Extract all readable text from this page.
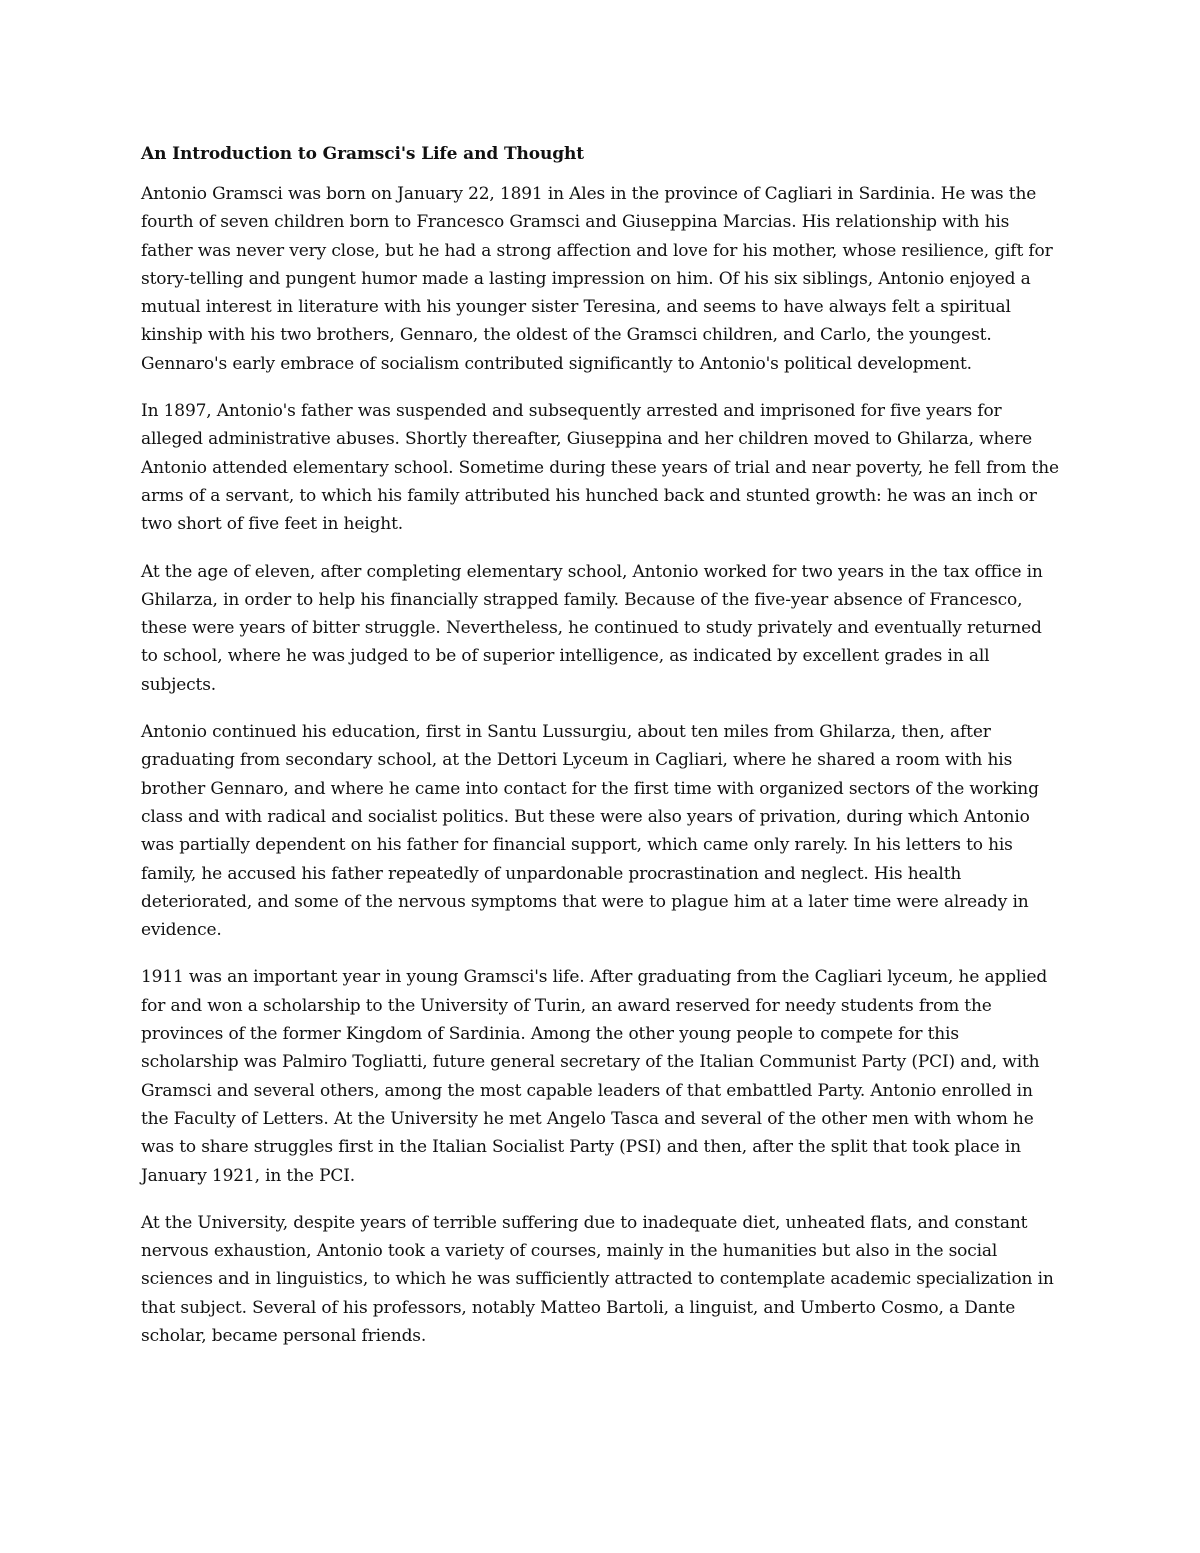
An Introduction to Gramsci's Life and Thought

Antonio Gramsci was born on January 22, 1891 in Ales in the province of Cagliari in Sardinia. He was the fourth of seven children born to Francesco Gramsci and Giuseppina Marcias. His relationship with his father was never very close, but he had a strong affection and love for his mother, whose resilience, gift for story-telling and pungent humor made a lasting impression on him. Of his six siblings, Antonio enjoyed a mutual interest in literature with his younger sister Teresina, and seems to have always felt a spiritual kinship with his two brothers, Gennaro, the oldest of the Gramsci children, and Carlo, the youngest. Gennaro's early embrace of socialism contributed significantly to Antonio's political development.

In 1897, Antonio's father was suspended and subsequently arrested and imprisoned for five years for alleged administrative abuses. Shortly thereafter, Giuseppina and her children moved to Ghilarza, where Antonio attended elementary school. Sometime during these years of trial and near poverty, he fell from the arms of a servant, to which his family attributed his hunched back and stunted growth: he was an inch or two short of five feet in height.

At the age of eleven, after completing elementary school, Antonio worked for two years in the tax office in Ghilarza, in order to help his financially strapped family. Because of the five-year absence of Francesco, these were years of bitter struggle. Nevertheless, he continued to study privately and eventually returned to school, where he was judged to be of superior intelligence, as indicated by excellent grades in all subjects.

Antonio continued his education, first in Santu Lussurgiu, about ten miles from Ghilarza, then, after graduating from secondary school, at the Dettori Lyceum in Cagliari, where he shared a room with his brother Gennaro, and where he came into contact for the first time with organized sectors of the working class and with radical and socialist politics. But these were also years of privation, during which Antonio was partially dependent on his father for financial support, which came only rarely. In his letters to his family, he accused his father repeatedly of unpardonable procrastination and neglect. His health deteriorated, and some of the nervous symptoms that were to plague him at a later time were already in evidence.

1911 was an important year in young Gramsci's life. After graduating from the Cagliari lyceum, he applied for and won a scholarship to the University of Turin, an award reserved for needy students from the provinces of the former Kingdom of Sardinia. Among the other young people to compete for this scholarship was Palmiro Togliatti, future general secretary of the Italian Communist Party (PCI) and, with Gramsci and several others, among the most capable leaders of that embattled Party. Antonio enrolled in the Faculty of Letters. At the University he met Angelo Tasca and several of the other men with whom he was to share struggles first in the Italian Socialist Party (PSI) and then, after the split that took place in January 1921, in the PCI.

At the University, despite years of terrible suffering due to inadequate diet, unheated flats, and constant nervous exhaustion, Antonio took a variety of courses, mainly in the humanities but also in the social sciences and in linguistics, to which he was sufficiently attracted to contemplate academic specialization in that subject. Several of his professors, notably Matteo Bartoli, a linguist, and Umberto Cosmo, a Dante scholar, became personal friends.
